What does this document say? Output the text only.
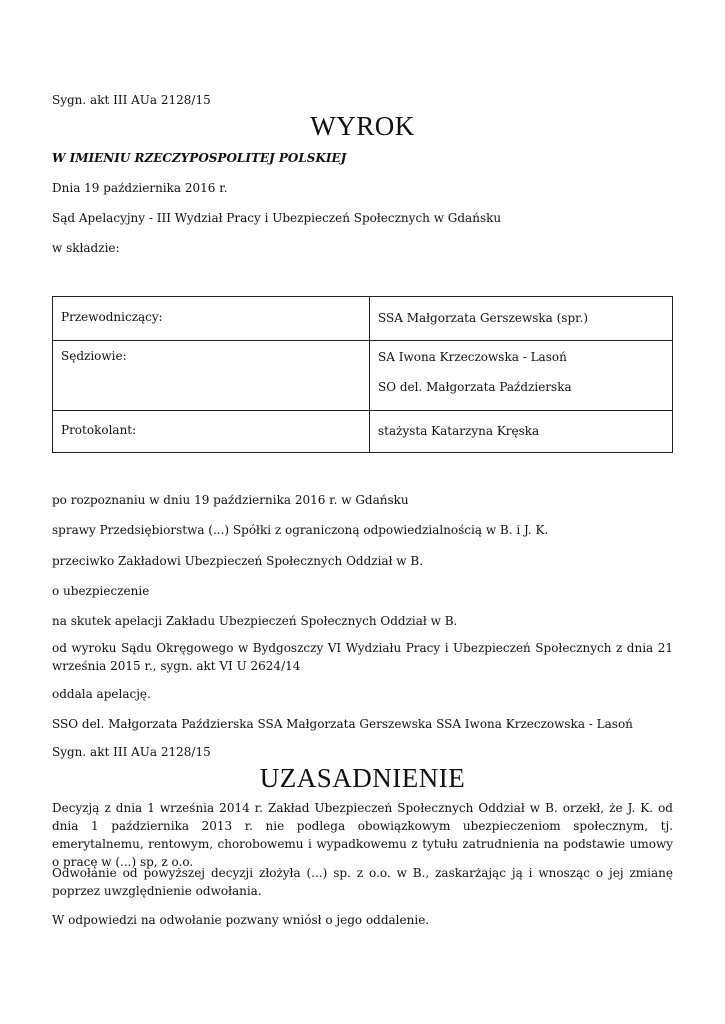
Sygn. akt III AUa 2128/15

WYROK

W IMIENIU RZECZYPOSPOLITEJ POLSKIEJ

Dnia 19 października 2016 r.

Sąd Apelacyjny - III Wydział Pracy i Ubezpieczeń Społecznych w Gdańsku

w składzie:

Przewodniczący:	SSA Małgorzata Gerszewska (spr.)

Sędziowie:	SA Iwona Krzeczowska - Lasoń
SO del. Małgorzata Paździerska

Protokolant:	stażysta Katarzyna Kręska

po rozpoznaniu w dniu 19 października 2016 r. w Gdańsku

sprawy Przedsiębiorstwa (...) Spółki z ograniczoną odpowiedzialnością w B. i J. K.

przeciwko Zakładowi Ubezpieczeń Społecznych Oddział w B.

o ubezpieczenie

na skutek apelacji Zakładu Ubezpieczeń Społecznych Oddział w B.

od wyroku Sądu Okręgowego w Bydgoszczy VI Wydziału Pracy i Ubezpieczeń Społecznych z dnia 21 września 2015 r., sygn. akt VI U 2624/14

oddala apelację.

SSO del. Małgorzata Paździerska SSA Małgorzata Gerszewska SSA Iwona Krzeczowska - Lasoń

Sygn. akt III AUa 2128/15

UZASADNIENIE

Decyzją z dnia 1 września 2014 r. Zakład Ubezpieczeń Społecznych Oddział w B. orzekł, że J. K. od dnia 1 października 2013 r. nie podlega obowiązkowym ubezpieczeniom społecznym, tj. emerytalnemu, rentowym, chorobowemu i wypadkowemu z tytułu zatrudnienia na podstawie umowy o pracę w (...) sp, z o.o.

Odwołanie od powyższej decyzji złożyła (...) sp. z o.o. w B., zaskarżając ją i wnosząc o jej zmianę poprzez uwzględnienie odwołania.

W odpowiedzi na odwołanie pozwany wniósł o jego oddalenie.
